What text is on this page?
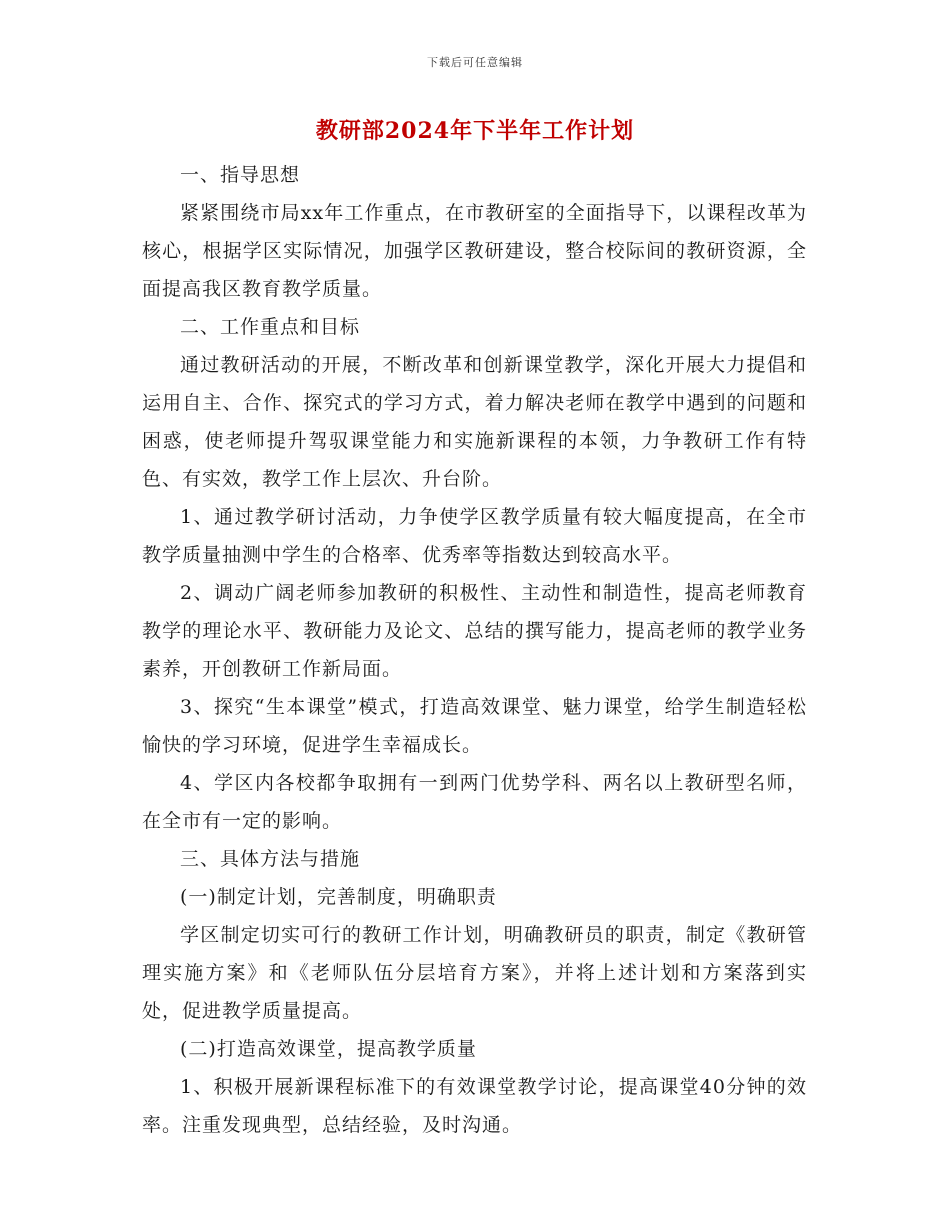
下载后可任意编辑
教研部2024年下半年工作计划

一、指导思想

紧紧围绕市局xx年工作重点，在市教研室的全面指导下，以课程改革为核心，根据学区实际情况，加强学区教研建设，整合校际间的教研资源，全面提高我区教育教学质量。

二、工作重点和目标

通过教研活动的开展，不断改革和创新课堂教学，深化开展大力提倡和运用自主、合作、探究式的学习方式，着力解决老师在教学中遇到的问题和困惑，使老师提升驾驭课堂能力和实施新课程的本领，力争教研工作有特色、有实效，教学工作上层次、升台阶。

1、通过教学研讨活动，力争使学区教学质量有较大幅度提高，在全市教学质量抽测中学生的合格率、优秀率等指数达到较高水平。

2、调动广阔老师参加教研的积极性、主动性和制造性，提高老师教育教学的理论水平、教研能力及论文、总结的撰写能力，提高老师的教学业务素养，开创教研工作新局面。

3、探究“生本课堂”模式，打造高效课堂、魅力课堂，给学生制造轻松愉快的学习环境，促进学生幸福成长。

4、学区内各校都争取拥有一到两门优势学科、两名以上教研型名师，在全市有一定的影响。

三、具体方法与措施

(一)制定计划，完善制度，明确职责

学区制定切实可行的教研工作计划，明确教研员的职责，制定《教研管理实施方案》和《老师队伍分层培育方案》，并将上述计划和方案落到实处，促进教学质量提高。

(二)打造高效课堂，提高教学质量

1、积极开展新课程标准下的有效课堂教学讨论，提高课堂40分钟的效率。注重发现典型，总结经验，及时沟通。
